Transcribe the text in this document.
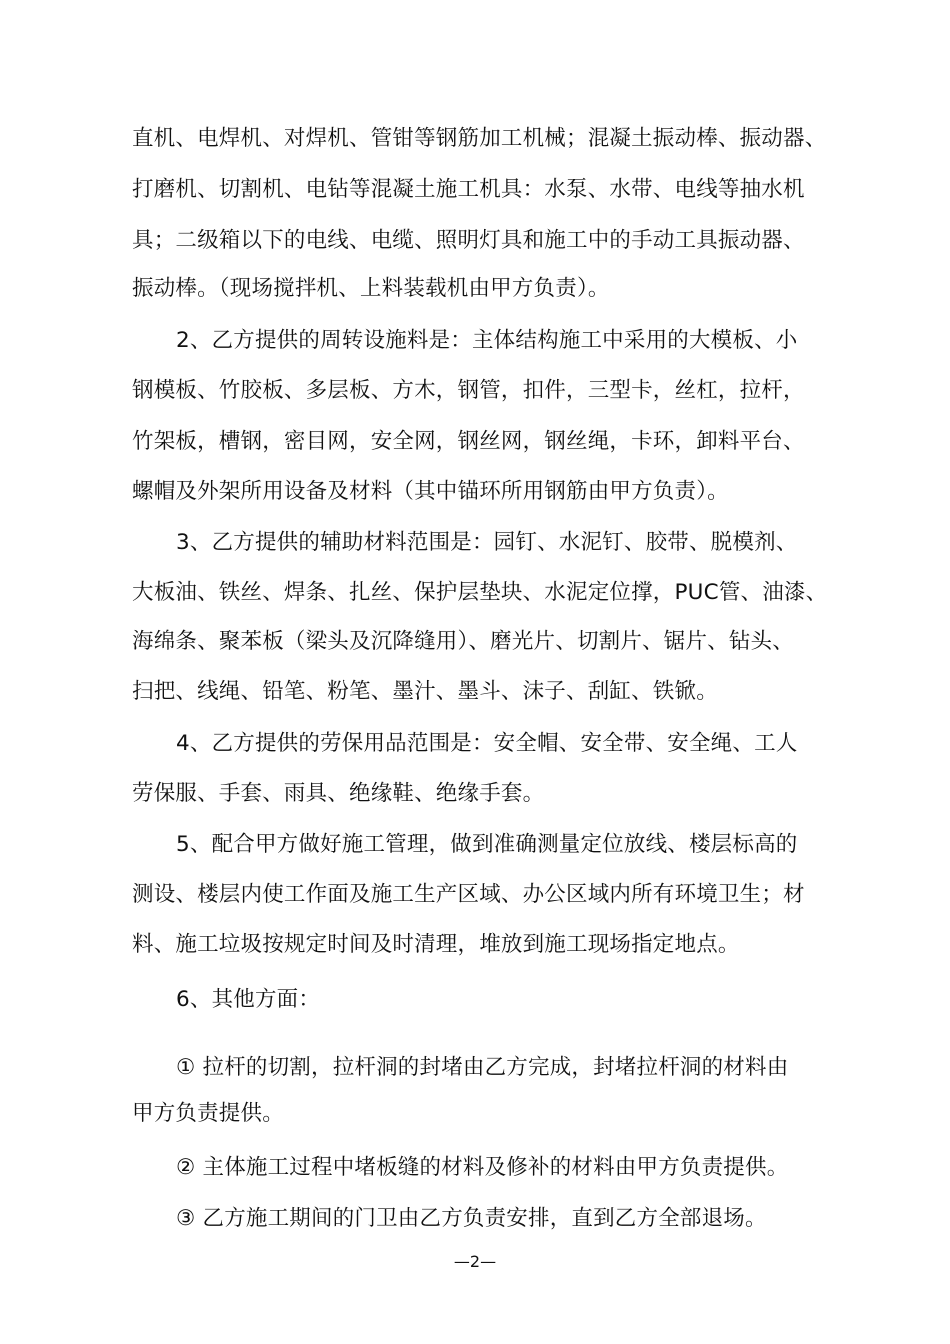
直机、电焊机、对焊机、管钳等钢筋加工机械；混凝土振动棒、振动器、
打磨机、切割机、电钻等混凝土施工机具：水泵、水带、电线等抽水机
具；二级箱以下的电线、电缆、照明灯具和施工中的手动工具振动器、
振动棒。（现场搅拌机、上料装载机由甲方负责）。
2、乙方提供的周转设施料是：主体结构施工中采用的大模板、小
钢模板、竹胶板、多层板、方木，钢管，扣件，三型卡，丝杠，拉杆，
竹架板，槽钢，密目网，安全网，钢丝网，钢丝绳，卡环，卸料平台、
螺帽及外架所用设备及材料（其中锚环所用钢筋由甲方负责）。
3、乙方提供的辅助材料范围是：园钉、水泥钉、胶带、脱模剂、
大板油、铁丝、焊条、扎丝、保护层垫块、水泥定位撑，PUC管、油漆、
海绵条、聚苯板（梁头及沉降缝用）、磨光片、切割片、锯片、钻头、
扫把、线绳、铅笔、粉笔、墨汁、墨斗、沫子、刮缸、铁锨。
4、乙方提供的劳保用品范围是：安全帽、安全带、安全绳、工人
劳保服、手套、雨具、绝缘鞋、绝缘手套。
5、配合甲方做好施工管理，做到准确测量定位放线、楼层标高的
测设、楼层内使工作面及施工生产区域、办公区域内所有环境卫生；材
料、施工垃圾按规定时间及时清理，堆放到施工现场指定地点。
6、其他方面：
① 拉杆的切割，拉杆洞的封堵由乙方完成，封堵拉杆洞的材料由
甲方负责提供。
② 主体施工过程中堵板缝的材料及修补的材料由甲方负责提供。
③ 乙方施工期间的门卫由乙方负责安排，直到乙方全部退场。
—2—
